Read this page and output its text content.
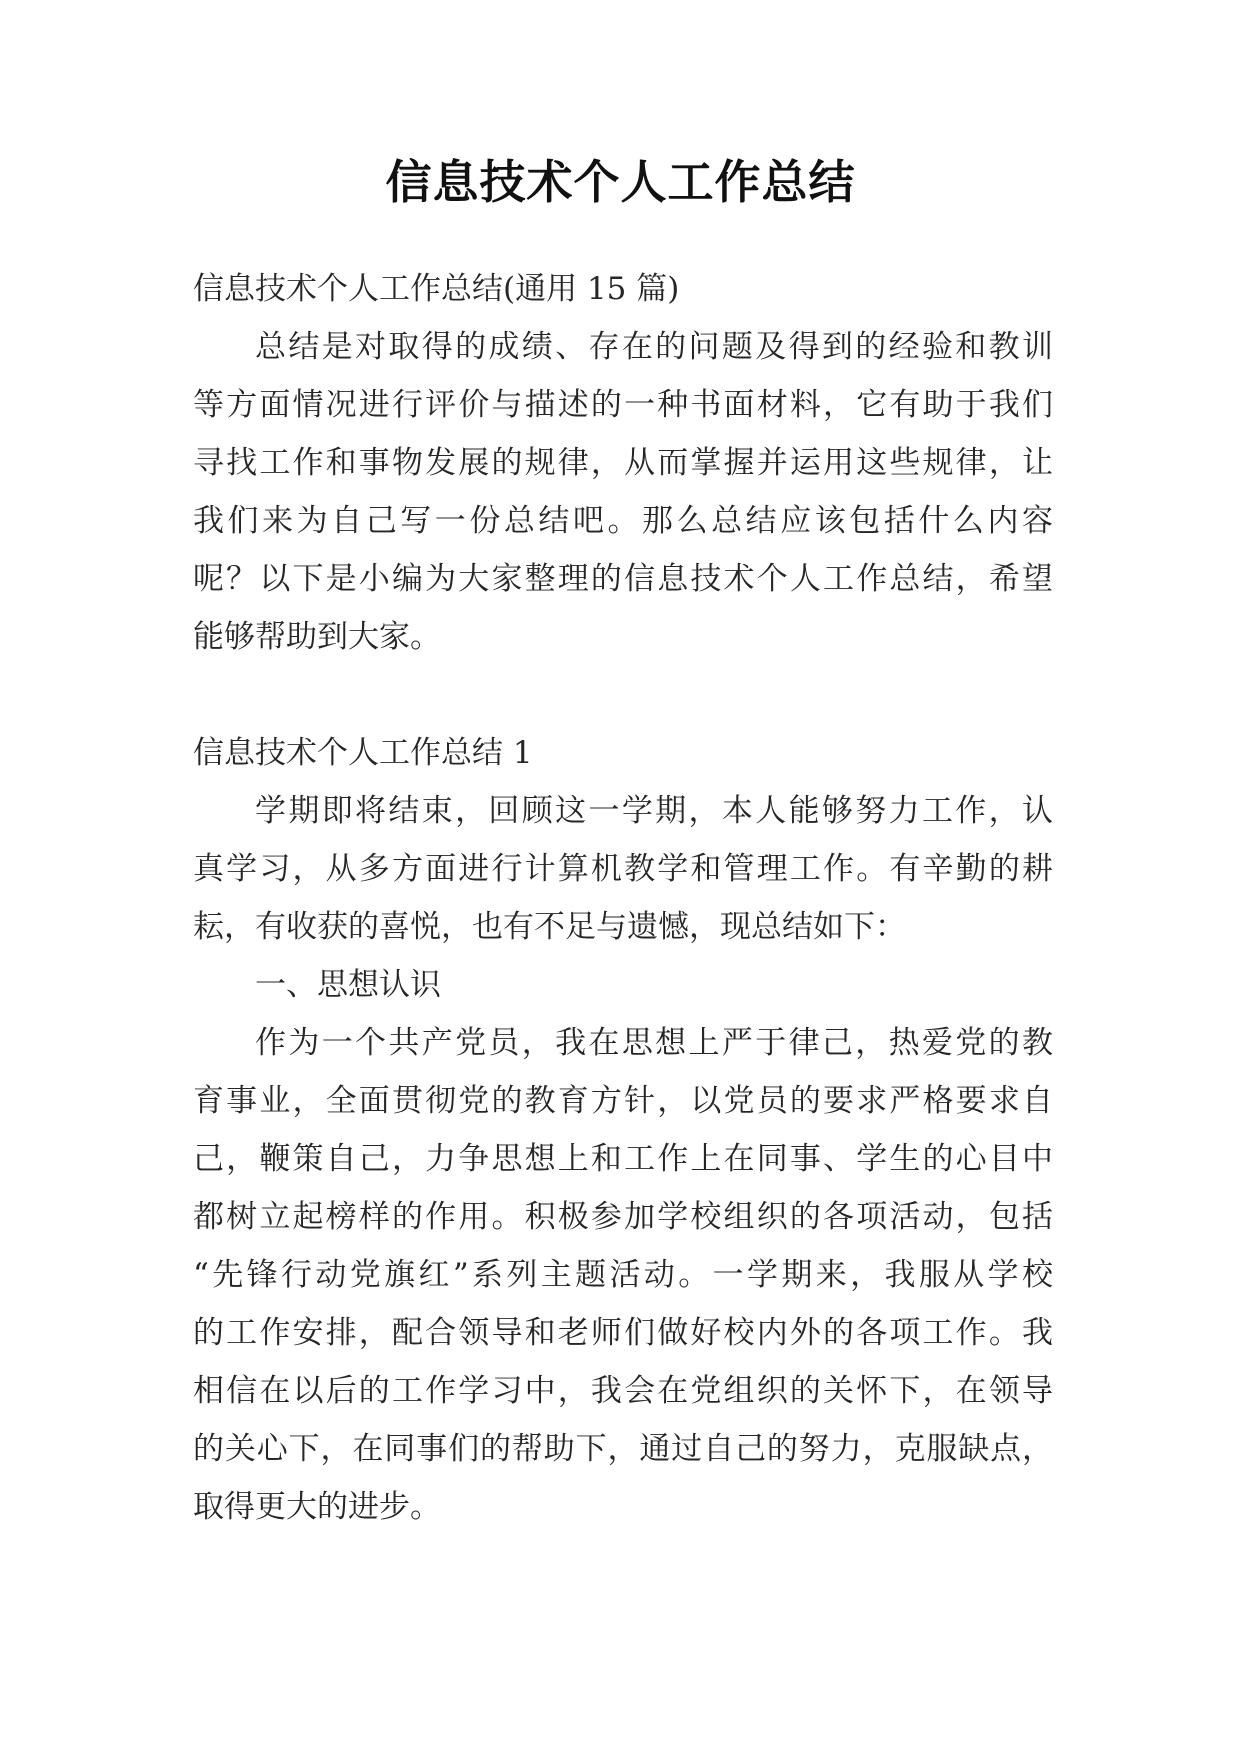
信息技术个人工作总结
信息技术个人工作总结(通用 15 篇)
总结是对取得的成绩、存在的问题及得到的经验和教训
等方面情况进行评价与描述的一种书面材料，它有助于我们
寻找工作和事物发展的规律，从而掌握并运用这些规律，让
我们来为自己写一份总结吧。那么总结应该包括什么内容
呢？以下是小编为大家整理的信息技术个人工作总结，希望
能够帮助到大家。
信息技术个人工作总结 1
学期即将结束，回顾这一学期，本人能够努力工作，认
真学习，从多方面进行计算机教学和管理工作。有辛勤的耕
耘，有收获的喜悦，也有不足与遗憾，现总结如下：
一、思想认识
作为一个共产党员，我在思想上严于律己，热爱党的教
育事业，全面贯彻党的教育方针，以党员的要求严格要求自
己，鞭策自己，力争思想上和工作上在同事、学生的心目中
都树立起榜样的作用。积极参加学校组织的各项活动，包括
“先锋行动党旗红”系列主题活动。一学期来，我服从学校
的工作安排，配合领导和老师们做好校内外的各项工作。我
相信在以后的工作学习中，我会在党组织的关怀下，在领导
的关心下，在同事们的帮助下，通过自己的努力，克服缺点，
取得更大的进步。
